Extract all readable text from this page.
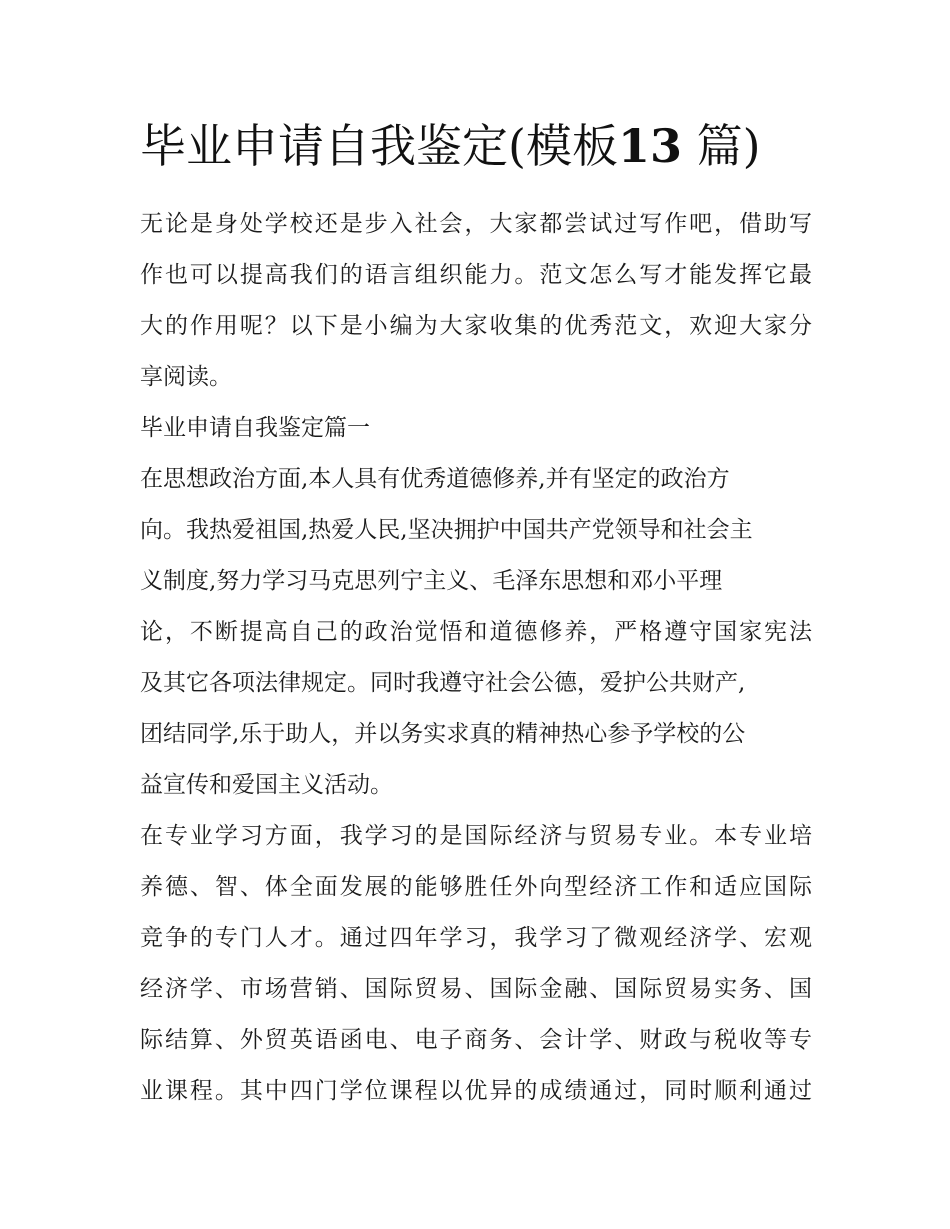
毕业申请自我鉴定(模板13 篇)
无论是身处学校还是步入社会，大家都尝试过写作吧，借助写
作也可以提高我们的语言组织能力。范文怎么写才能发挥它最
大的作用呢？以下是小编为大家收集的优秀范文，欢迎大家分
享阅读。
毕业申请自我鉴定篇一
在思想政治方面,本人具有优秀道德修养,并有坚定的政治方
向。我热爱祖国,热爱人民,坚决拥护中国共产党领导和社会主
义制度,努力学习马克思列宁主义、毛泽东思想和邓小平理
论，不断提高自己的政治觉悟和道德修养，严格遵守国家宪法
及其它各项法律规定。同时我遵守社会公德，爱护公共财产,
团结同学,乐于助人，并以务实求真的精神热心参予学校的公
益宣传和爱国主义活动。
在专业学习方面，我学习的是国际经济与贸易专业。本专业培
养德、智、体全面发展的能够胜任外向型经济工作和适应国际
竞争的专门人才。通过四年学习，我学习了微观经济学、宏观
经济学、市场营销、国际贸易、国际金融、国际贸易实务、国
际结算、外贸英语函电、电子商务、会计学、财政与税收等专
业课程。其中四门学位课程以优异的成绩通过，同时顺利通过
